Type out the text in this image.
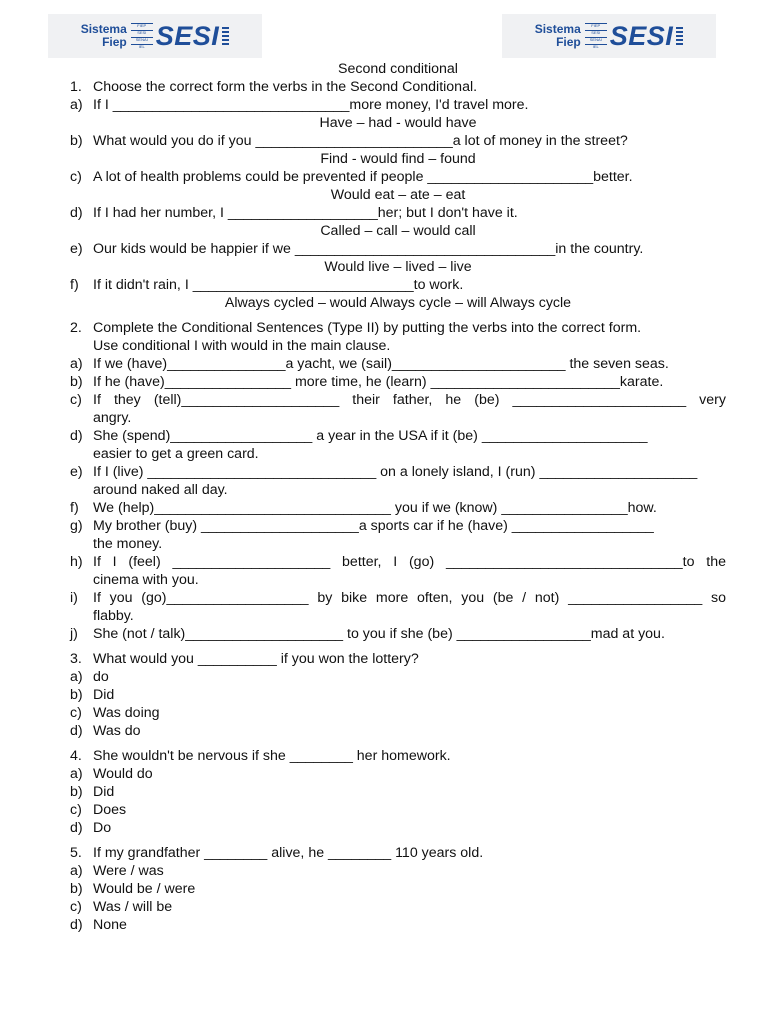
Sistema
Fiep
FIEP
SESI
SENAI
IEL SESI	Sistema
Fiep
FIEP
SESI
SENAI
IEL SESI
Second conditional
1. Choose the correct form the verbs in the Second Conditional.
a) If I ______________________________more money, I'd travel more.
Have – had - would have
b) What would you do if you _________________________a lot of money in the street?
Find - would find – found
c) A lot of health problems could be prevented if people _____________________better.
Would eat – ate – eat
d) If I had her number, I ___________________her; but I don't have it.
Called – call – would call
e) Our kids would be happier if we _________________________________in the country.
Would live – lived – live
f) If it didn't rain, I ____________________________to work.
Always cycled – would Always cycle – will Always cycle
2. Complete the Conditional Sentences (Type II) by putting the verbs into the correct form.
Use conditional I with would in the main clause.
a) If we (have)_______________a yacht, we (sail)______________________ the seven seas.
b) If he (have)________________ more time, he (learn) ________________________karate.
c) If they (tell)____________________ their father, he (be) ______________________ very
angry.
d) She (spend)__________________ a year in the USA if it (be) _____________________
easier to get a green card.
e) If I (live) _____________________________ on a lonely island, I (run) ____________________
around naked all day.
f) We (help)______________________________ you if we (know) ________________how.
g) My brother (buy) ____________________a sports car if he (have) __________________
the money.
h) If I (feel) ____________________ better, I (go) ______________________________to the
cinema with you.
i) If you (go)__________________ by bike more often, you (be / not) _________________ so
flabby.
j) She (not / talk)____________________ to you if she (be) _________________mad at you.
3. What would you __________ if you won the lottery?
a) do
b) Did
c) Was doing
d) Was do
4. She wouldn't be nervous if she ________ her homework.
a) Would do
b) Did
c) Does
d) Do
5. If my grandfather ________ alive, he ________ 110 years old.
a) Were / was
b) Would be / were
c) Was / will be
d) None
